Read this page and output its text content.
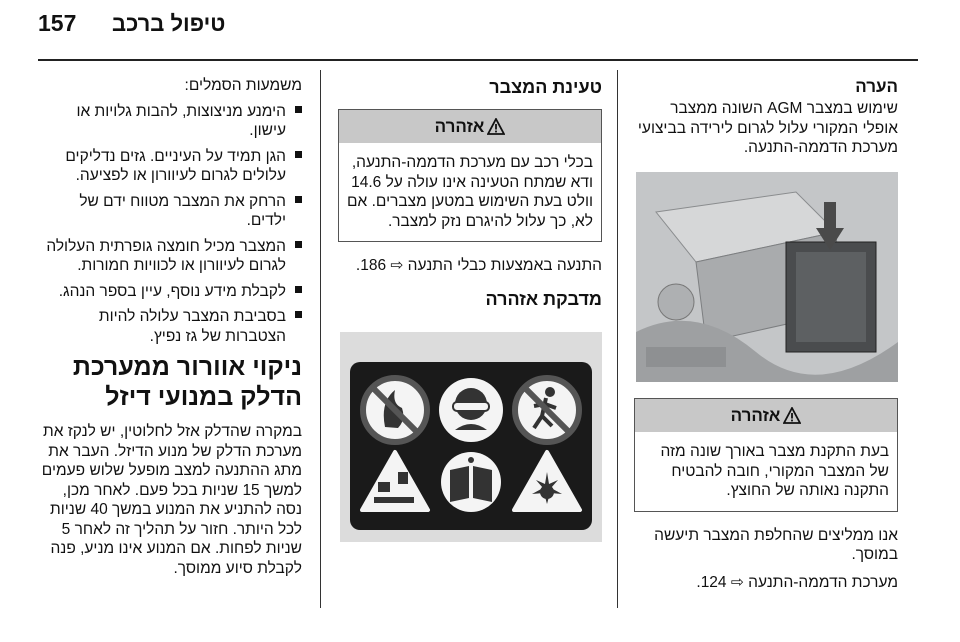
157 טיפול ברכב
הערה

שימוש במצבר AGM השונה ממצבר אופלי המקורי עלול לגרום לירידה בביצועי מערכת הדממה-התנעה.

אזהרה
בעת התקנת מצבר באורך שונה מזה של המצבר המקורי, חובה להבטיח התקנה נאותה של החוצץ.

אנו ממליצים שהחלפת המצבר תיעשה במוסך.

מערכת הדממה-התנעה ⇨ 124.

טעינת המצבר
אזהרה
בכלי רכב עם מערכת הדממה-התנעה, ודא שמתח הטעינה אינו עולה על 14.6 וולט בעת השימוש במטען מצברים. אם לא, כך עלול להיגרם נזק למצבר.

התנעה באמצעות כבלי התנעה ⇨ 186.

מדבקת אזהרה

משמעות הסמלים:

הימנע מניצוצות, להבות גלויות או עישון.
הגן תמיד על העיניים. גזים נדליקים עלולים לגרום לעיוורון או לפציעה.
הרחק את המצבר מטווח ידם של ילדים.
המצבר מכיל חומצה גופרתית העלולה לגרום לעיוורון או לכוויות חמורות.
לקבלת מידע נוסף, עיין בספר הנהג.
בסביבת המצבר עלולה להיות הצטברות של גז נפיץ.
ניקוי אוורור ממערכת הדלק במנועי דיזל

במקרה שהדלק אזל לחלוטין, יש לנקז את מערכת הדלק של מנוע הדיזל. העבר את מתג ההתנעה למצב מופעל שלוש פעמים למשך 15 שניות בכל פעם. לאחר מכן, נסה להתניע את המנוע במשך 40 שניות לכל היותר. חזור על תהליך זה לאחר 5 שניות לפחות. אם המנוע אינו מניע, פנה לקבלת סיוע ממוסך.
